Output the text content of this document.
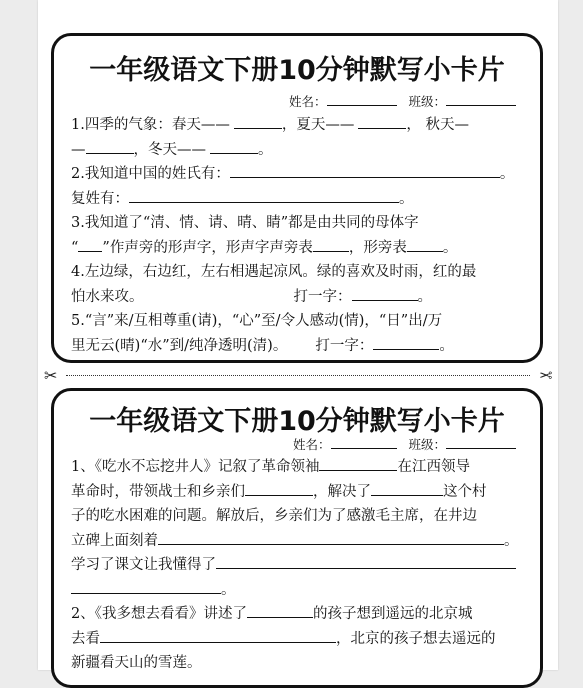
一年级语文下册10分钟默写小卡片
姓名：	班级：
1.四季的气象：春天——	，夏天——	， 秋天—
—	，冬天——	。
2.我知道中国的姓氏有：	。
复姓有：	。
3.我知道了“清、情、请、晴、睛”都是由共同的母体字
“ ”作声旁的形声字，形声字声旁表 ，形旁表 。
4.左边绿，右边红，左右相遇起凉风。绿的喜欢及时雨，红的最
怕水来攻。	打一字：	。
5.“言”来/互相尊重(请)，“心”至/令人感动(情)，“日”出/万
里无云(晴)“水”到/纯净透明(清)。 打一字：	。
✂	✂
一年级语文下册10分钟默写小卡片
姓名：	班级：
1、《吃水不忘挖井人》记叙了革命领袖	在江西领导
革命时，带领战士和乡亲们	，解决了	这个村
子的吃水困难的问题。解放后，乡亲们为了感激毛主席，在井边
立碑上面刻着	。
学习了课文让我懂得了
。
2、《我多想去看看》讲述了	的孩子想到遥远的北京城
去看	，北京的孩子想去遥远的
新疆看天山的雪莲。
